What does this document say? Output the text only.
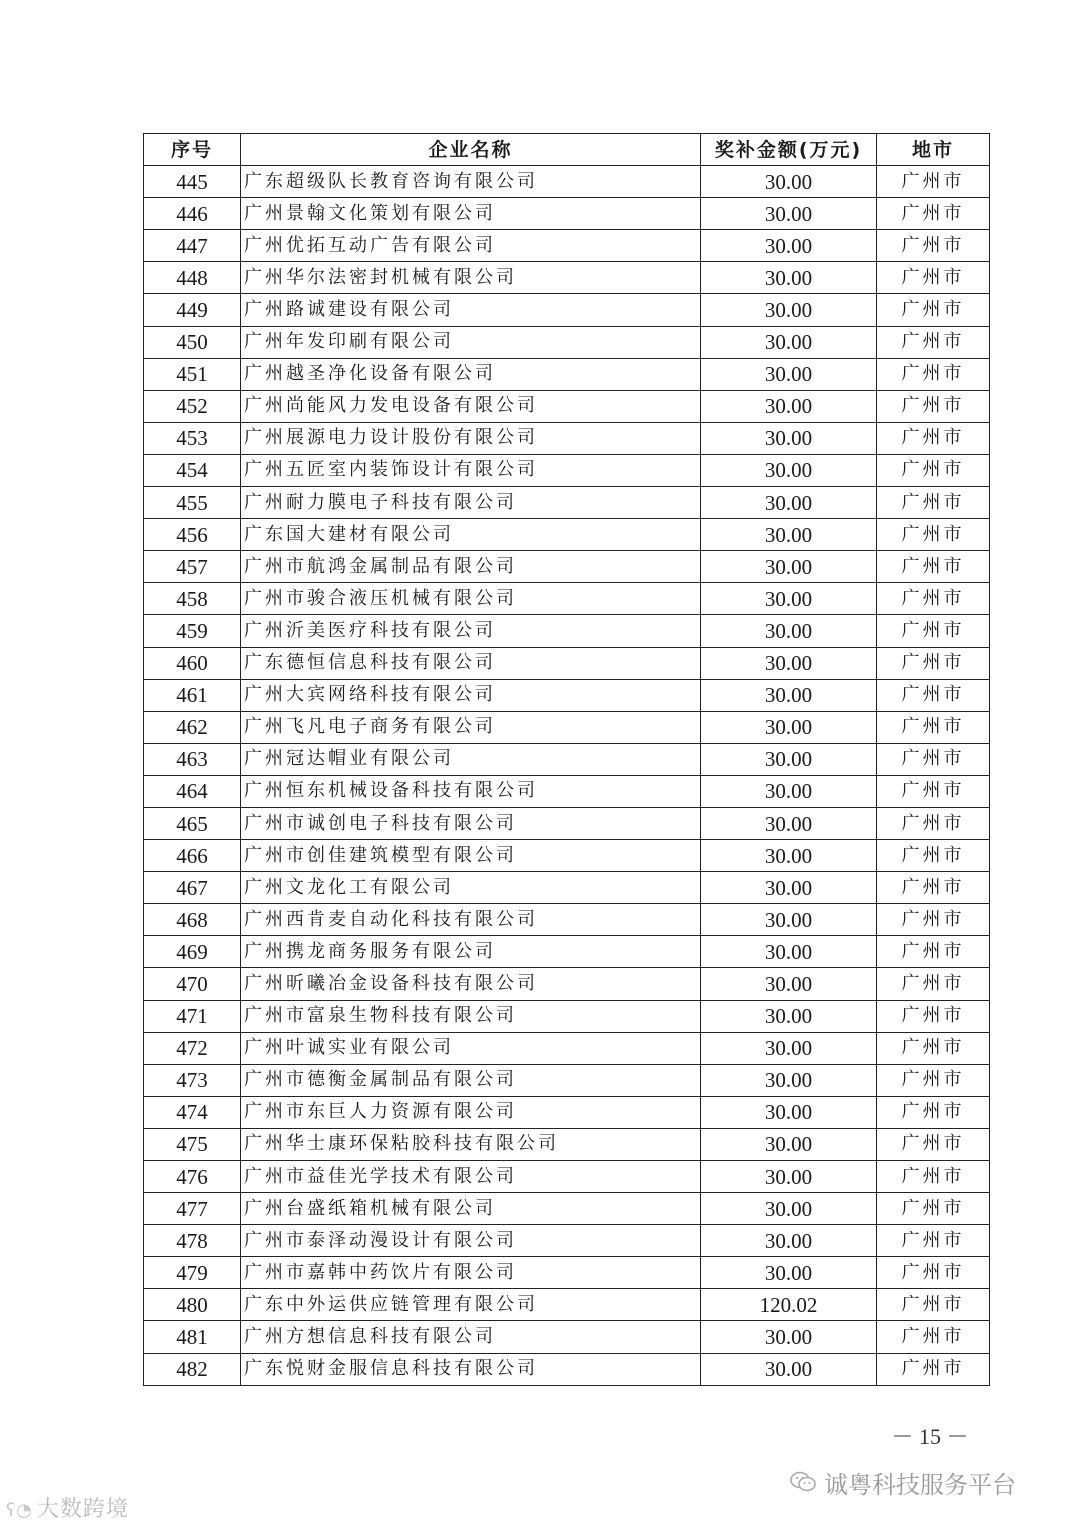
序号	企业名称	奖补金额(万元)	地市
445	广东超级队长教育咨询有限公司	30.00	广州市
446	广州景翰文化策划有限公司	30.00	广州市
447	广州优拓互动广告有限公司	30.00	广州市
448	广州华尔法密封机械有限公司	30.00	广州市
449	广州路诚建设有限公司	30.00	广州市
450	广州年发印刷有限公司	30.00	广州市
451	广州越圣净化设备有限公司	30.00	广州市
452	广州尚能风力发电设备有限公司	30.00	广州市
453	广州展源电力设计股份有限公司	30.00	广州市
454	广州五匠室内装饰设计有限公司	30.00	广州市
455	广州耐力膜电子科技有限公司	30.00	广州市
456	广东国大建材有限公司	30.00	广州市
457	广州市航鸿金属制品有限公司	30.00	广州市
458	广州市骏合液压机械有限公司	30.00	广州市
459	广州沂美医疗科技有限公司	30.00	广州市
460	广东德恒信息科技有限公司	30.00	广州市
461	广州大宾网络科技有限公司	30.00	广州市
462	广州飞凡电子商务有限公司	30.00	广州市
463	广州冠达帽业有限公司	30.00	广州市
464	广州恒东机械设备科技有限公司	30.00	广州市
465	广州市诚创电子科技有限公司	30.00	广州市
466	广州市创佳建筑模型有限公司	30.00	广州市
467	广州文龙化工有限公司	30.00	广州市
468	广州西肯麦自动化科技有限公司	30.00	广州市
469	广州携龙商务服务有限公司	30.00	广州市
470	广州昕曦冶金设备科技有限公司	30.00	广州市
471	广州市富泉生物科技有限公司	30.00	广州市
472	广州叶诚实业有限公司	30.00	广州市
473	广州市德衡金属制品有限公司	30.00	广州市
474	广州市东巨人力资源有限公司	30.00	广州市
475	广州华士康环保粘胶科技有限公司	30.00	广州市
476	广州市益佳光学技术有限公司	30.00	广州市
477	广州台盛纸箱机械有限公司	30.00	广州市
478	广州市泰泽动漫设计有限公司	30.00	广州市
479	广州市嘉韩中药饮片有限公司	30.00	广州市
480	广东中外运供应链管理有限公司	120.02	广州市
481	广州方想信息科技有限公司	30.00	广州市
482	广东悦财金服信息科技有限公司	30.00	广州市
－ 15 －
ʕ◔ 大数跨境
诚粤科技服务平台
